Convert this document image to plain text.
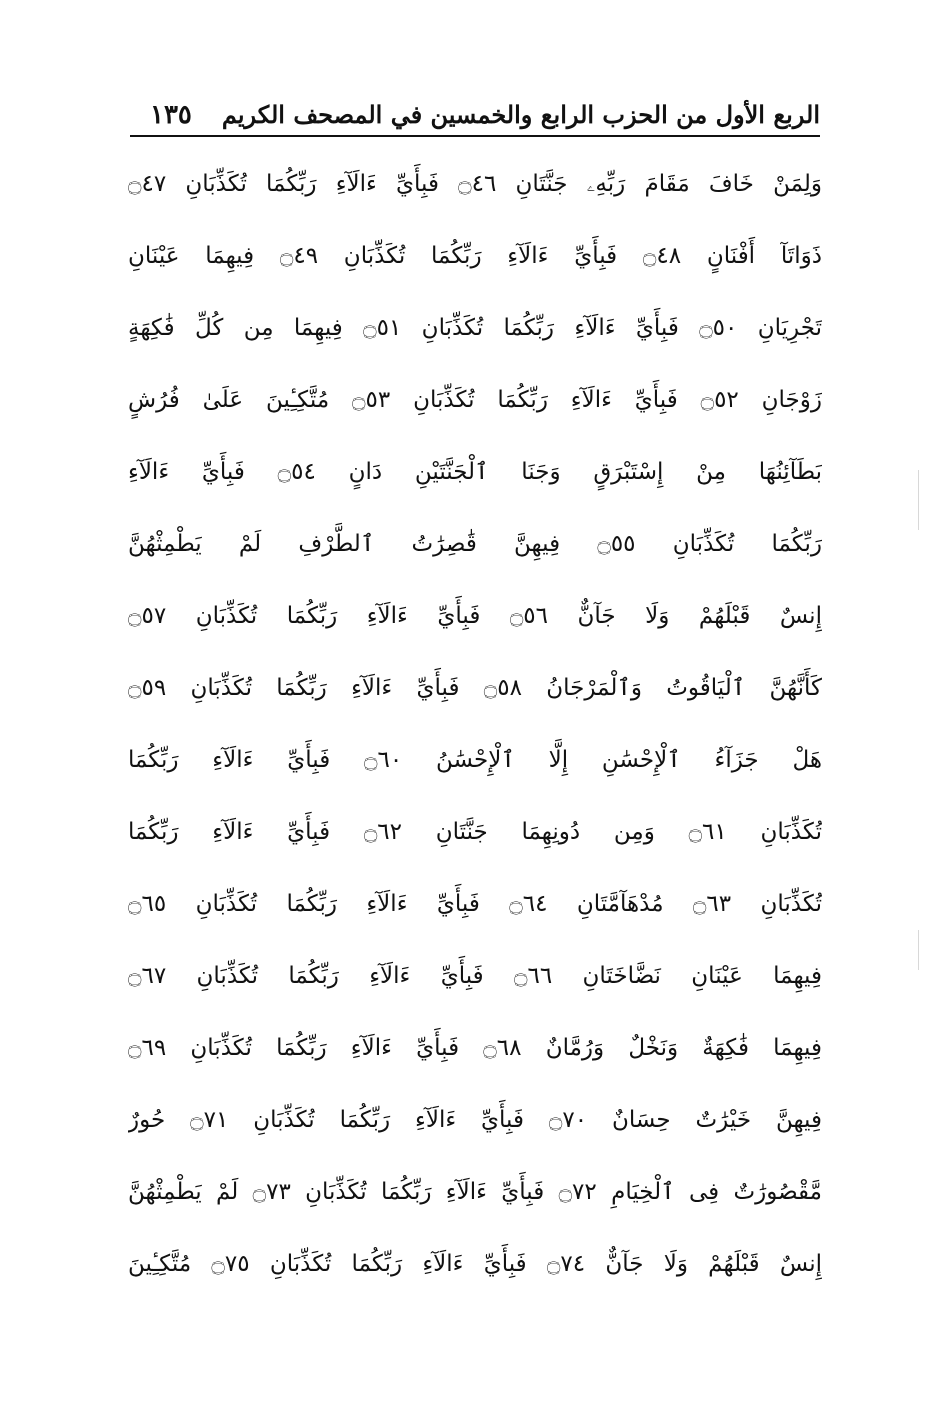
الربع الأول من الحزب الرابع والخمسين في المصحف الكريم
١٣٥
وَلِمَنْ خَافَ مَقَامَ رَبِّهِۦ جَنَّتَانِ ۝٤٦ فَبِأَيِّ ءَالَآءِ رَبِّكُمَا تُكَذِّبَانِ ۝٤٧
ذَوَاتَآ أَفْنَانٍ ۝٤٨ فَبِأَيِّ ءَالَآءِ رَبِّكُمَا تُكَذِّبَانِ ۝٤٩ فِيهِمَا عَيْنَانِ
تَجْرِيَانِ ۝٥٠ فَبِأَيِّ ءَالَآءِ رَبِّكُمَا تُكَذِّبَانِ ۝٥١ فِيهِمَا مِن كُلِّ فَٰكِهَةٍ
زَوْجَانِ ۝٥٢ فَبِأَيِّ ءَالَآءِ رَبِّكُمَا تُكَذِّبَانِ ۝٥٣ مُتَّكِـِٔينَ عَلَىٰ فُرُشٍ
بَطَآئِنُهَا مِنْ إِسْتَبْرَقٍ وَجَنَا ٱلْجَنَّتَيْنِ دَانٍ ۝٥٤ فَبِأَيِّ ءَالَآءِ
رَبِّكُمَا تُكَذِّبَانِ ۝٥٥ فِيهِنَّ قَٰصِرَٰتُ ٱلطَّرْفِ لَمْ يَطْمِثْهُنَّ
إِنسٌ قَبْلَهُمْ وَلَا جَآنٌّ ۝٥٦ فَبِأَيِّ ءَالَآءِ رَبِّكُمَا تُكَذِّبَانِ ۝٥٧
كَأَنَّهُنَّ ٱلْيَاقُوتُ وَٱلْمَرْجَانُ ۝٥٨ فَبِأَيِّ ءَالَآءِ رَبِّكُمَا تُكَذِّبَانِ ۝٥٩
هَلْ جَزَآءُ ٱلْإِحْسَٰنِ إِلَّا ٱلْإِحْسَٰنُ ۝٦٠ فَبِأَيِّ ءَالَآءِ رَبِّكُمَا
تُكَذِّبَانِ ۝٦١ وَمِن دُونِهِمَا جَنَّتَانِ ۝٦٢ فَبِأَيِّ ءَالَآءِ رَبِّكُمَا
تُكَذِّبَانِ ۝٦٣ مُدْهَآمَّتَانِ ۝٦٤ فَبِأَيِّ ءَالَآءِ رَبِّكُمَا تُكَذِّبَانِ ۝٦٥
فِيهِمَا عَيْنَانِ نَضَّاخَتَانِ ۝٦٦ فَبِأَيِّ ءَالَآءِ رَبِّكُمَا تُكَذِّبَانِ ۝٦٧
فِيهِمَا فَٰكِهَةٌ وَنَخْلٌ وَرُمَّانٌ ۝٦٨ فَبِأَيِّ ءَالَآءِ رَبِّكُمَا تُكَذِّبَانِ ۝٦٩
فِيهِنَّ خَيْرَٰتٌ حِسَانٌ ۝٧٠ فَبِأَيِّ ءَالَآءِ رَبِّكُمَا تُكَذِّبَانِ ۝٧١ حُورٌ
مَّقْصُورَٰتٌ فِى ٱلْخِيَامِ ۝٧٢ فَبِأَيِّ ءَالَآءِ رَبِّكُمَا تُكَذِّبَانِ ۝٧٣ لَمْ يَطْمِثْهُنَّ
إِنسٌ قَبْلَهُمْ وَلَا جَآنٌّ ۝٧٤ فَبِأَيِّ ءَالَآءِ رَبِّكُمَا تُكَذِّبَانِ ۝٧٥ مُتَّكِـِٔينَ
